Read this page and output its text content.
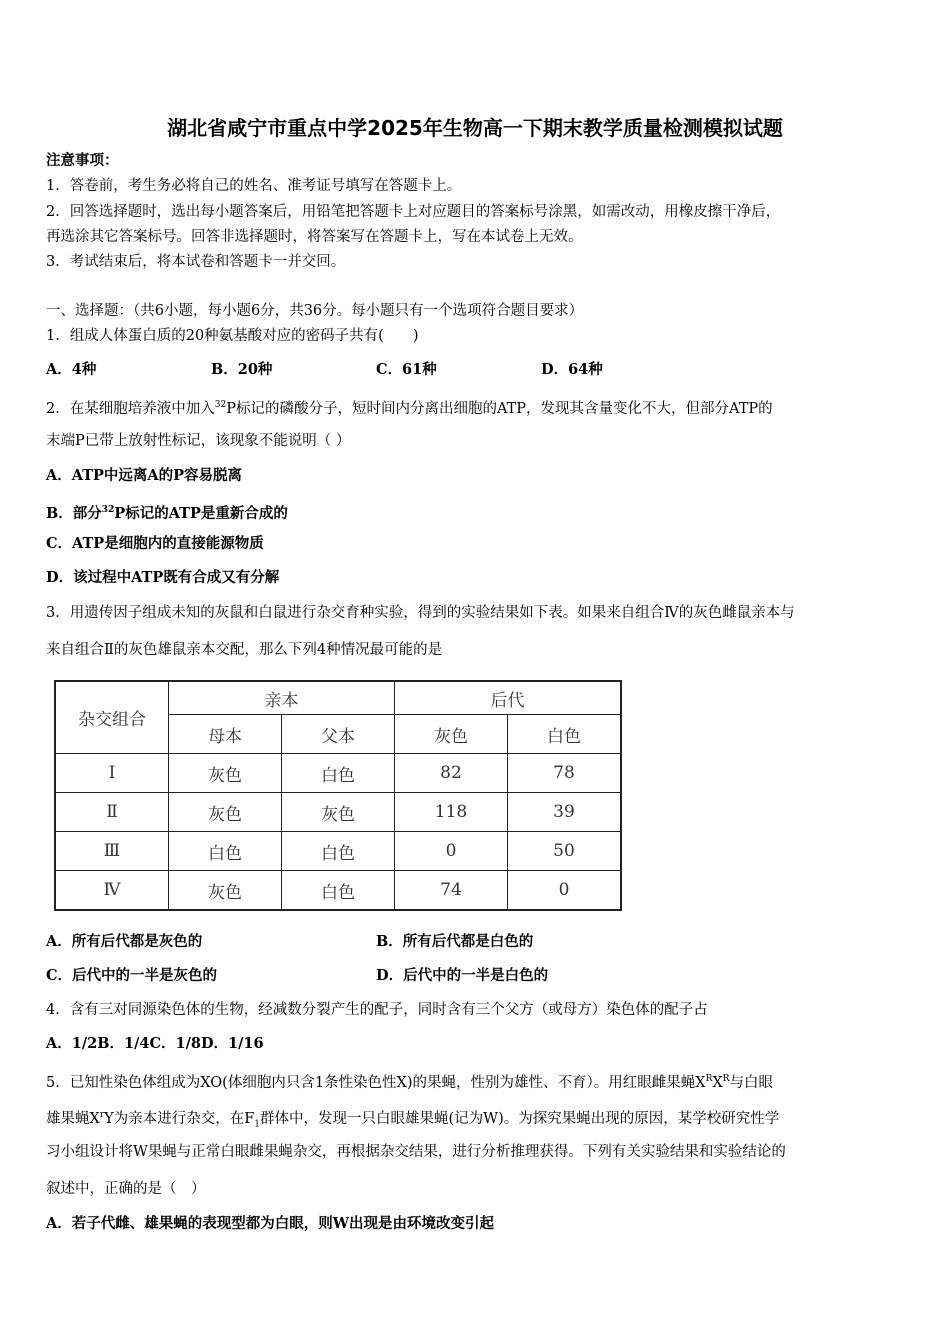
湖北省咸宁市重点中学2025年生物高一下期末教学质量检测模拟试题
注意事项：
1．答卷前，考生务必将自己的姓名、准考证号填写在答题卡上。
2．回答选择题时，选出每小题答案后，用铅笔把答题卡上对应题目的答案标号涂黑，如需改动，用橡皮擦干净后，
再选涂其它答案标号。回答非选择题时，将答案写在答题卡上，写在本试卷上无效。
3．考试结束后，将本试卷和答题卡一并交回。
一、选择题：（共6小题，每小题6分，共36分。每小题只有一个选项符合题目要求）
1．组成人体蛋白质的20种氨基酸对应的密码子共有(　　)
A．4种	B．20种	C．61种	D．64种
2．在某细胞培养液中加入$^{32}$P标记的磷酸分子，短时间内分离出细胞的ATP，发现其含量变化不大，但部分ATP的
末端P已带上放射性标记，该现象不能说明（ ）
A．ATP中远离A的P容易脱离
B．部分$^{32}$P标记的ATP是重新合成的
C．ATP是细胞内的直接能源物质
D．该过程中ATP既有合成又有分解
3．用遗传因子组成未知的灰鼠和白鼠进行杂交育种实验，得到的实验结果如下表。如果来自组合Ⅳ的灰色雌鼠亲本与
来自组合Ⅱ的灰色雄鼠亲本交配，那么下列4种情况最可能的是
杂交组合	亲本		后代	
	母本	父本	灰色	白色
Ⅰ	灰色	白色	82	78
Ⅱ	灰色	灰色	118	39
Ⅲ	白色	白色	0	50
Ⅳ	灰色	白色	74	0
A．所有后代都是灰色的	B．所有后代都是白色的
C．后代中的一半是灰色的	D．后代中的一半是白色的
4．含有三对同源染色体的生物，经减数分裂产生的配子，同时含有三个父方（或母方）染色体的配子占
A．1/2B．1/4C．1/8D．1/16
5．已知性染色体组成为XO(体细胞内只含1条性染色性X)的果蝇，性别为雄性、不育）。用红眼雌果蝇$X^RX^R$与白眼
雄果蝇$X^rY$为亲本进行杂交，在$F_1$群体中，发现一只白眼雄果蝇(记为W)。为探究果蝇出现的原因，某学校研究性学
习小组设计将W果蝇与正常白眼雌果蝇杂交，再根据杂交结果，进行分析推理获得。下列有关实验结果和实验结论的
叙述中，正确的是（　）
A．若子代雌、雄果蝇的表现型都为白眼，则W出现是由环境改变引起
